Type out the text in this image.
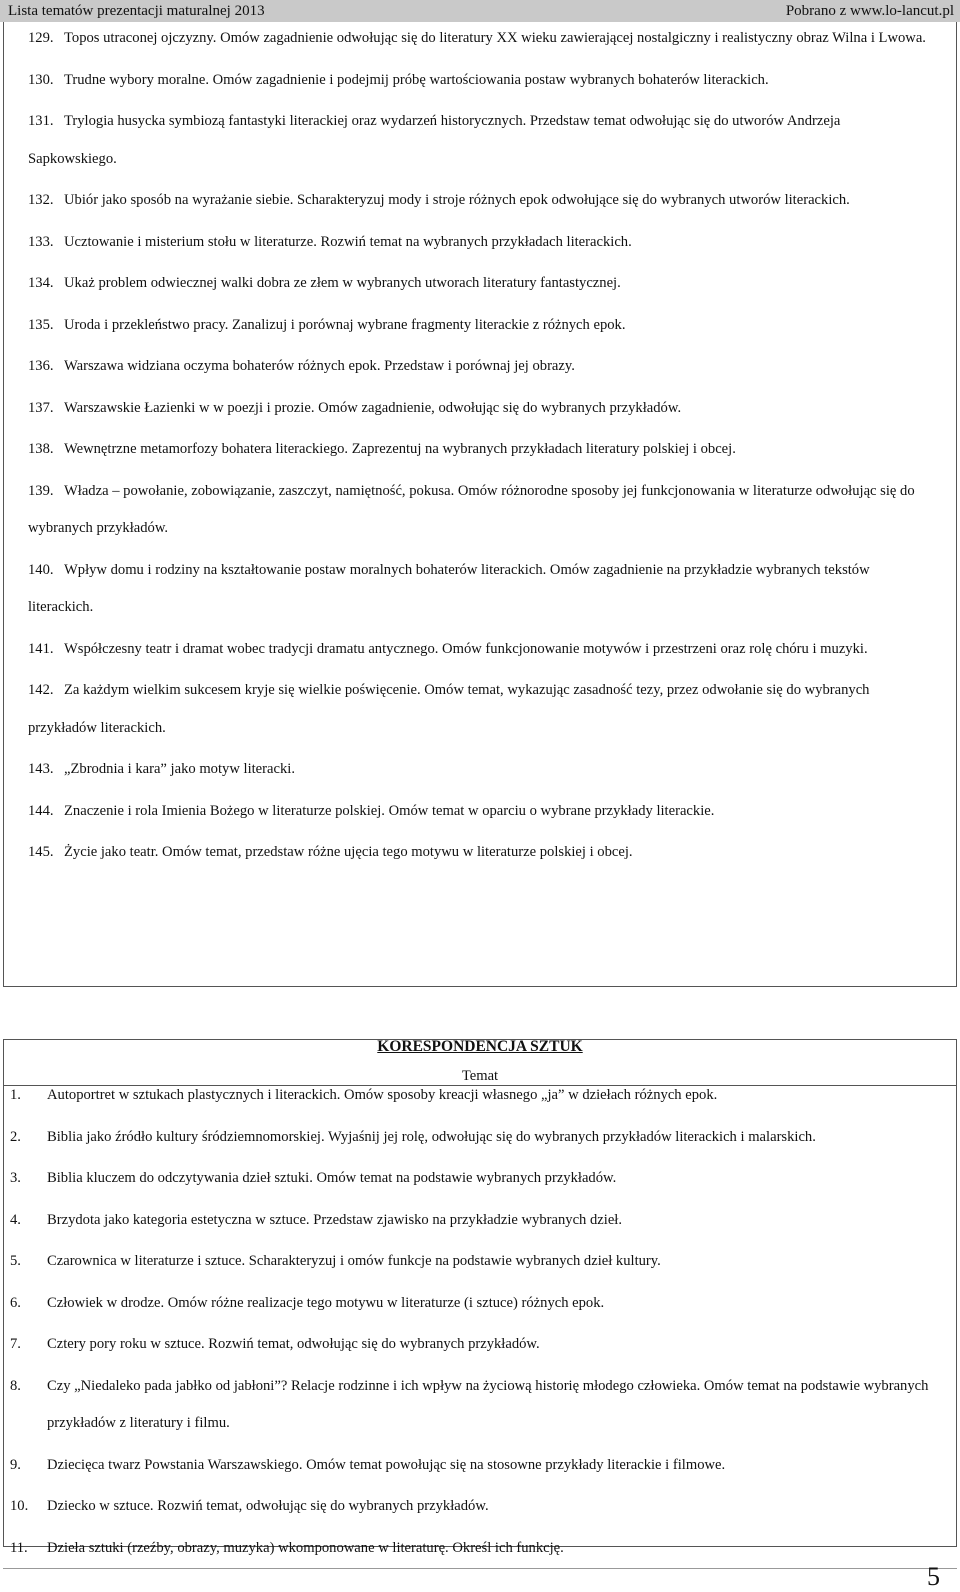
Lista tematów prezentacji maturalnej 2013	Pobrano z www.lo-lancut.pl
129. Topos utraconej ojczyzny. Omów zagadnienie odwołując się do literatury XX wieku zawierającej nostalgiczny i realistyczny obraz Wilna i Lwowa.
130. Trudne wybory moralne. Omów zagadnienie i podejmij próbę wartościowania postaw wybranych bohaterów literackich.
131. Trylogia husycka symbiozą fantastyki literackiej oraz wydarzeń historycznych. Przedstaw temat odwołując się do utworów Andrzeja Sapkowskiego.
132. Ubiór jako sposób na wyrażanie siebie. Scharakteryzuj mody i stroje różnych epok odwołujące się do wybranych utworów literackich.
133. Ucztowanie i misterium stołu w literaturze. Rozwiń temat na wybranych przykładach literackich.
134. Ukaż problem odwiecznej walki dobra ze złem w wybranych utworach literatury fantastycznej.
135. Uroda i przekleństwo pracy. Zanalizuj i porównaj wybrane fragmenty literackie z różnych epok.
136. Warszawa widziana oczyma bohaterów różnych epok. Przedstaw i porównaj jej obrazy.
137. Warszawskie Łazienki w w poezji i prozie. Omów zagadnienie, odwołując się do wybranych przykładów.
138. Wewnętrzne metamorfozy bohatera literackiego. Zaprezentuj na wybranych przykładach literatury polskiej i obcej.
139. Władza – powołanie, zobowiązanie, zaszczyt, namiętność, pokusa. Omów różnorodne sposoby jej funkcjonowania w literaturze odwołując się do wybranych przykładów.
140. Wpływ domu i rodziny na kształtowanie postaw moralnych bohaterów literackich. Omów zagadnienie na przykładzie wybranych tekstów literackich.
141. Współczesny teatr i dramat wobec tradycji dramatu antycznego. Omów funkcjonowanie motywów i przestrzeni oraz rolę chóru i muzyki.
142. Za każdym wielkim sukcesem kryje się wielkie poświęcenie. Omów temat, wykazując zasadność tezy, przez odwołanie się do wybranych przykładów literackich.
143. „Zbrodnia i kara” jako motyw literacki.
144. Znaczenie i rola Imienia Bożego w literaturze polskiej. Omów temat w oparciu o wybrane przykłady literackie.
145. Życie jako teatr. Omów temat, przedstaw różne ujęcia tego motywu w literaturze polskiej i obcej.
KORESPONDENCJA SZTUK
Temat
1. Autoportret w sztukach plastycznych i literackich. Omów sposoby kreacji własnego „ja” w dziełach różnych epok.
2. Biblia jako źródło kultury śródziemnomorskiej. Wyjaśnij jej rolę, odwołując się do wybranych przykładów literackich i malarskich.
3. Biblia kluczem do odczytywania dzieł sztuki. Omów temat na podstawie wybranych przykładów.
4. Brzydota jako kategoria estetyczna w sztuce. Przedstaw zjawisko na przykładzie wybranych dzieł.
5. Czarownica w literaturze i sztuce. Scharakteryzuj i omów funkcje na podstawie wybranych dzieł kultury.
6. Człowiek w drodze. Omów różne realizacje tego motywu w literaturze (i sztuce) różnych epok.
7. Cztery pory roku w sztuce. Rozwiń temat, odwołując się do wybranych przykładów.
8. Czy „Niedaleko pada jabłko od jabłoni”? Relacje rodzinne i ich wpływ na życiową historię młodego człowieka. Omów temat na podstawie wybranych przykładów z literatury i filmu.
9. Dziecięca twarz Powstania Warszawskiego. Omów temat powołując się na stosowne przykłady literackie i filmowe.
10. Dziecko w sztuce. Rozwiń temat, odwołując się do wybranych przykładów.
11. Dzieła sztuki (rzeźby, obrazy, muzyka) wkomponowane w literaturę. Określ ich funkcję.
5
